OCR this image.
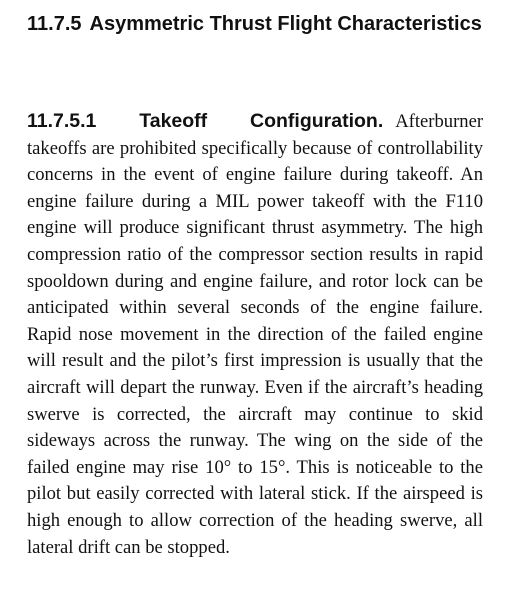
11.7.5 Asymmetric Thrust Flight Characteristics

11.7.5.1 Takeoff Configuration. Afterburner takeoffs are prohibited specifically because of controllability concerns in the event of engine failure during takeoff. An engine failure during a MIL power takeoff with the F110 engine will produce significant thrust asymmetry. The high compression ratio of the compressor section results in rapid spooldown during and engine failure, and rotor lock can be anticipated within several seconds of the engine failure. Rapid nose movement in the direction of the failed engine will result and the pilot’s first impression is usually that the aircraft will depart the runway. Even if the aircraft’s heading swerve is corrected, the aircraft may continue to skid sideways across the runway. The wing on the side of the failed engine may rise 10° to 15°. This is noticeable to the pilot but easily corrected with lateral stick. If the airspeed is high enough to allow correction of the heading swerve, all lateral drift can be stopped.
